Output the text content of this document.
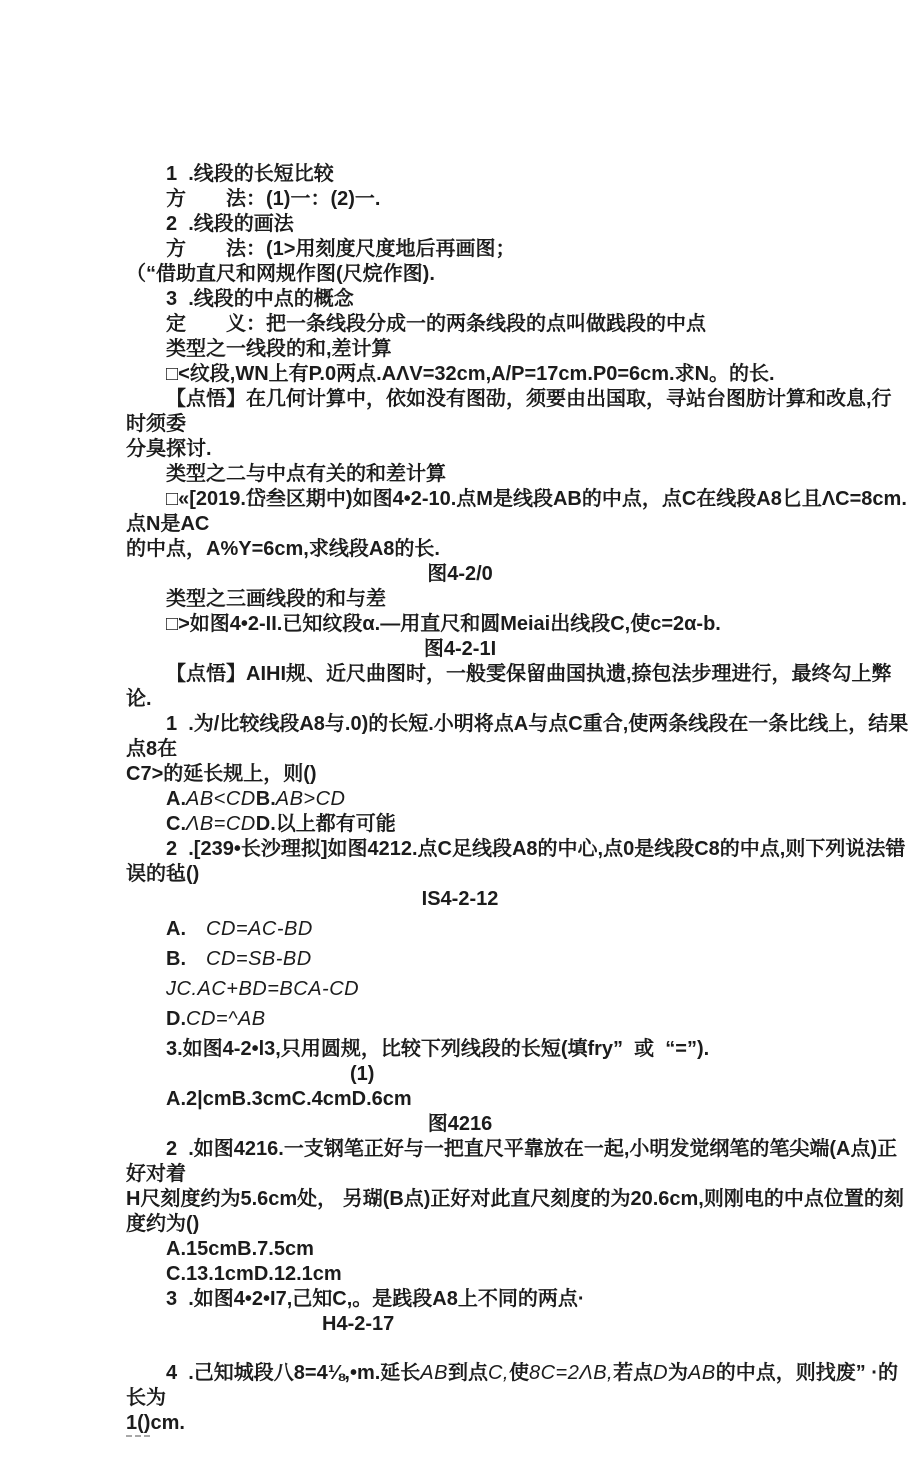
1  .线段的长短比较
方　　法：(1)一：(2)一.
2  .线段的画法
方　　法：(1>用刻度尺度地后再画图；
（“借助直尺和网规作图(尺烷作图).
3  .线段的中点的概念
定　　义：把一条线段分成一的两条线段的点叫做践段的中点
类型之一线段的和,差计算
□<纹段,WN上有P.0两点.AΛV=32cm,A/P=17cm.P0=6cm.求N。的长.
【点悟】在几何计算中，依如没有图劭，须要由出国取，寻站台图肪计算和改息,行时须委
分臭探讨.
类型之二与中点有关的和差计算
□«[2019.岱叁区期中)如图4•2-10.点M是线段AB的中点，点C在线段A8匕且ΛC=8cm.点N是AC
的中点，A%Y=6cm,求线段A8的长.
图4-2/0
类型之三画线段的和与差
□>如图4•2-II.已知纹段α.—用直尺和圆Meiai出线段C,使c=2α-b.
图4-2-1I
【点悟】AIHI规、近尺曲图时，一般雯保留曲国执遗,捺包法步理进行，最终勾上弊论.
1  .为/比较线段A8与.0)的长短.小明将点A与点C重合,使两条线段在一条比线上，结果点8在
C7>的延长规上，则()
A.AB<CDB.AB>CD
C.ΛB=CDD.以上都有可能
2  .[239•长沙理拟]如图4212.点C足线段A8的中心,点0是线段C8的中点,则下列说法错误的毡()
IS4-2-12
A.　CD=AC-BD
B.　CD=SB-BD
JC.AC+BD=BCA-CD
D.CD=^AB
3.如图4-2•l3,只用圆规，比较下列线段的长短(填fry”  或  “=”).
(1)
A.2|cmB.3cmC.4cmD.6cm
图4216
2  .如图4216.一支钢笔正好与一把直尺平靠放在一起,小明发觉纲笔的笔尖端(A点)正好对着
H尺刻度约为5.6cm处， 另瑚(B点)正好对此直尺刻度的为20.6cm,则刚电的中点位置的刻度约为()
A.15cmB.7.5cm
C.13.1cmD.12.1cm
3  .如图4•2•I7,己知C,。是践段A8上不同的两点·
H4-2-17
4  .己知城段八8=4⅛,•m.延长AB到点C,使8C=2ΛB,若点D为AB的中点，则找废” ·的长为
1()cm.
